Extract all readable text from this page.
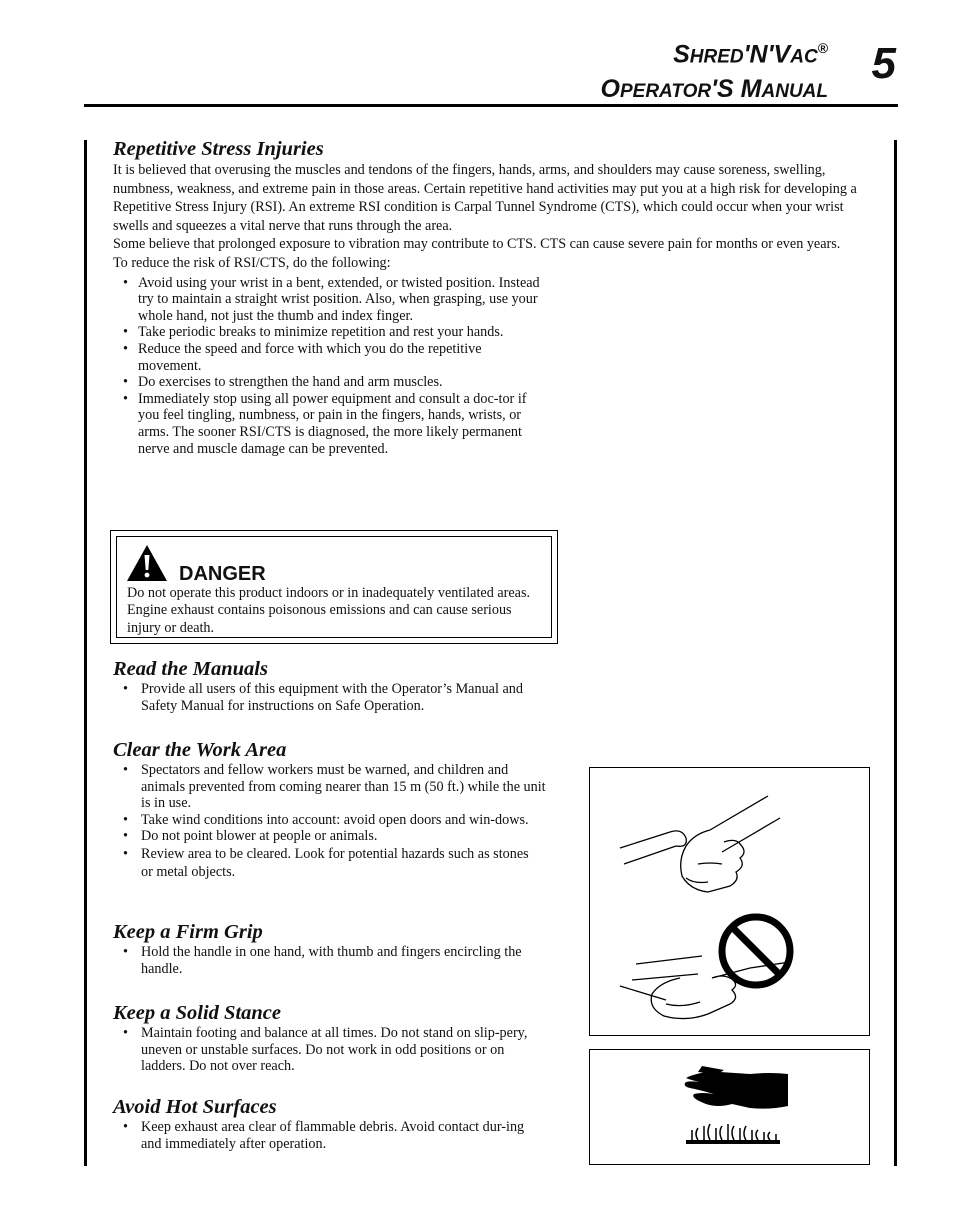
SHRED'N'VAC®
OPERATOR'S MANUAL
5
Repetitive Stress Injuries

It is believed that overusing the muscles and tendons of the fingers, hands, arms, and shoulders may cause soreness, swelling, numbness, weakness, and extreme pain in those areas. Certain repetitive hand activities may put you at a high risk for developing a Repetitive Stress Injury (RSI). An extreme RSI condition is Carpal Tunnel Syndrome (CTS), which could occur when your wrist swells and squeezes a vital nerve that runs through the area.

Some believe that prolonged exposure to vibration may contribute to CTS. CTS can cause severe pain for months or even years.

To reduce the risk of RSI/CTS, do the following:

• Avoid using your wrist in a bent, extended, or twisted position. Instead try to maintain a straight wrist position. Also, when grasping, use your whole hand, not just the thumb and index finger.
• Take periodic breaks to minimize repetition and rest your hands.
• Reduce the speed and force with which you do the repetitive movement.
• Do exercises to strengthen the hand and arm muscles.
• Immediately stop using all power equipment and consult a doc-tor if you feel tingling, numbness, or pain in the fingers, hands, wrists, or arms. The sooner RSI/CTS is diagnosed, the more likely permanent nerve and muscle damage can be prevented.
DANGER
Do not operate this product indoors or in inadequately ventilated areas. Engine exhaust contains poisonous emissions and can cause serious injury or death.
Read the Manuals
• Provide all users of this equipment with the Operator’s Manual and Safety Manual for instructions on Safe Operation.
Clear the Work Area
• Spectators and fellow workers must be warned, and children and animals prevented from coming nearer than 15 m (50 ft.) while the unit is in use.
• Take wind conditions into account: avoid open doors and win-dows.
• Do not point blower at people or animals.
• Review area to be cleared. Look for potential hazards such as stones or metal objects.
Keep a Firm Grip
• Hold the handle in one hand, with thumb and fingers encircling the handle.
Keep a Solid Stance
• Maintain footing and balance at all times. Do not stand on slip-pery, uneven or unstable surfaces. Do not work in odd positions or on ladders. Do not over reach.
Avoid Hot Surfaces
• Keep exhaust area clear of flammable debris. Avoid contact dur-ing and immediately after operation.
